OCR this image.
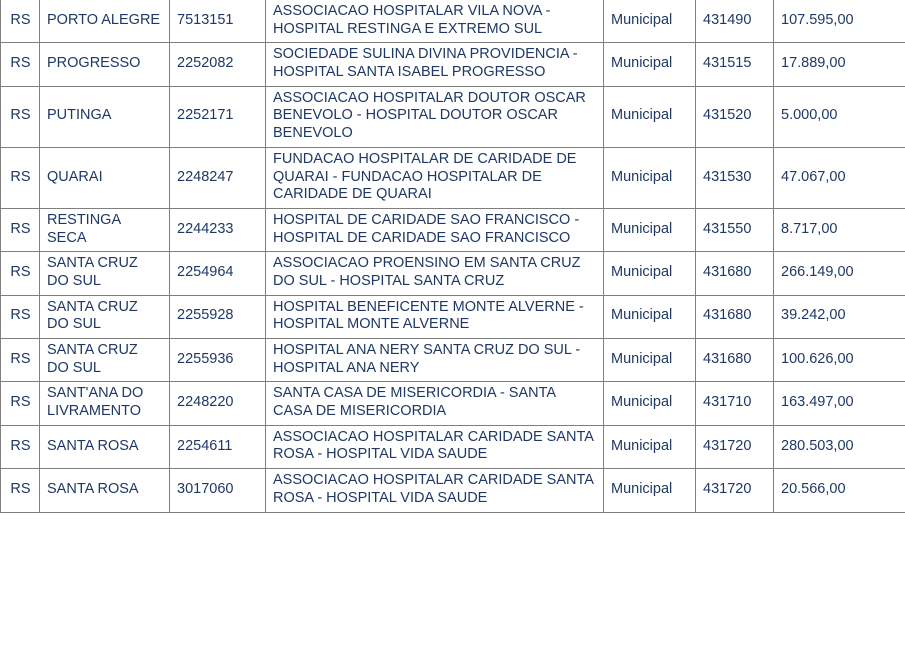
RS	PORTO ALEGRE	7513151	ASSOCIACAO HOSPITALAR VILA NOVA - HOSPITAL RESTINGA E EXTREMO SUL	Municipal	431490	107.595,00
RS	PROGRESSO	2252082	SOCIEDADE SULINA DIVINA PROVIDENCIA - HOSPITAL SANTA ISABEL PROGRESSO	Municipal	431515	17.889,00
RS	PUTINGA	2252171	ASSOCIACAO HOSPITALAR DOUTOR OSCAR BENEVOLO - HOSPITAL DOUTOR OSCAR BENEVOLO	Municipal	431520	5.000,00
RS	QUARAI	2248247	FUNDACAO HOSPITALAR DE CARIDADE DE QUARAI - FUNDACAO HOSPITALAR DE CARIDADE DE QUARAI	Municipal	431530	47.067,00
RS	RESTINGA SECA	2244233	HOSPITAL DE CARIDADE SAO FRANCISCO - HOSPITAL DE CARIDADE SAO FRANCISCO	Municipal	431550	8.717,00
RS	SANTA CRUZ DO SUL	2254964	ASSOCIACAO PROENSINO EM SANTA CRUZ DO SUL - HOSPITAL SANTA CRUZ	Municipal	431680	266.149,00
RS	SANTA CRUZ DO SUL	2255928	HOSPITAL BENEFICENTE MONTE ALVERNE - HOSPITAL MONTE ALVERNE	Municipal	431680	39.242,00
RS	SANTA CRUZ DO SUL	2255936	HOSPITAL ANA NERY SANTA CRUZ DO SUL - HOSPITAL ANA NERY	Municipal	431680	100.626,00
RS	SANT'ANA DO LIVRAMENTO	2248220	SANTA CASA DE MISERICORDIA - SANTA CASA DE MISERICORDIA	Municipal	431710	163.497,00
RS	SANTA ROSA	2254611	ASSOCIACAO HOSPITALAR CARIDADE SANTA ROSA - HOSPITAL VIDA SAUDE	Municipal	431720	280.503,00
RS	SANTA ROSA	3017060	ASSOCIACAO HOSPITALAR CARIDADE SANTA ROSA - HOSPITAL VIDA SAUDE	Municipal	431720	20.566,00
